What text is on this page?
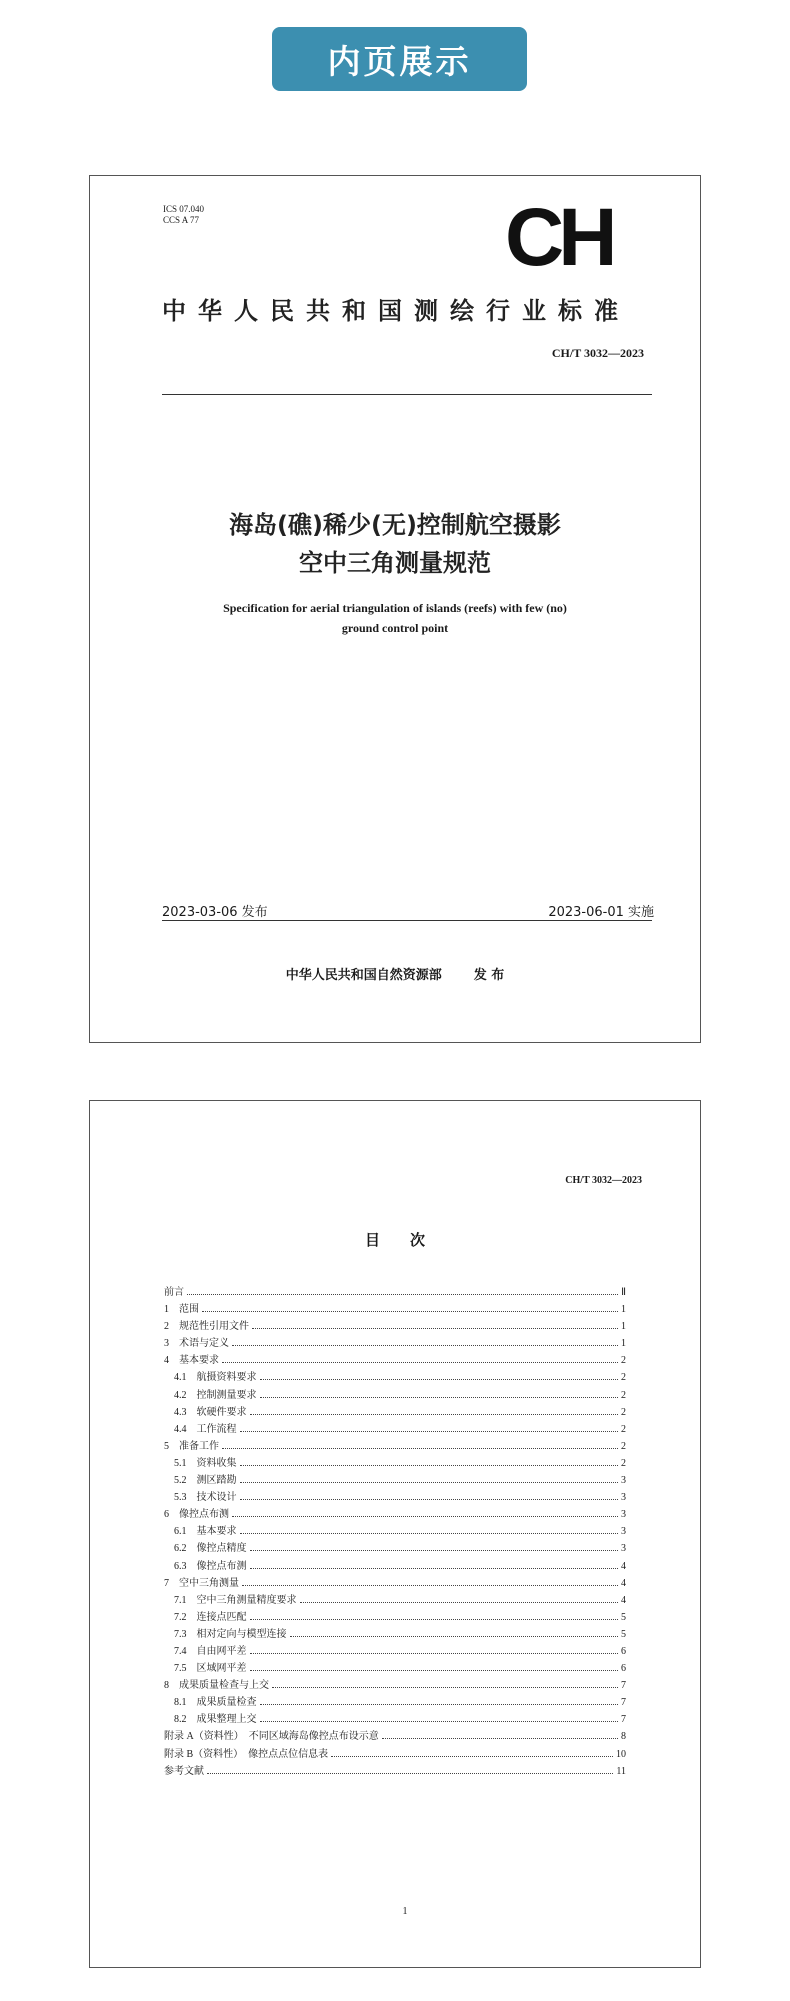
内页展示
ICS 07.040
CCS A 77	CH
中华人民共和国测绘行业标准
CH/T 3032—2023
海岛(礁)稀少(无)控制航空摄影
空中三角测量规范
Specification for aerial triangulation of islands (reefs) with few (no)
ground control point
2023-03-06 发布	2023-06-01 实施
中华人民共和国自然资源部 发 布
CH/T 3032—2023
目次
前言	Ⅱ
1　范围	1
2　规范性引用文件	1
3　术语与定义	1
4　基本要求	2
4.1　航摄资料要求	2
4.2　控制测量要求	2
4.3　软硬件要求	2
4.4　工作流程	2
5　准备工作	2
5.1　资料收集	2
5.2　测区踏勘	3
5.3　技术设计	3
6　像控点布测	3
6.1　基本要求	3
6.2　像控点精度	3
6.3　像控点布测	4
7　空中三角测量	4
7.1　空中三角测量精度要求	4
7.2　连接点匹配	5
7.3　相对定向与模型连接	5
7.4　自由网平差	6
7.5　区域网平差	6
8　成果质量检查与上交	7
8.1　成果质量检查	7
8.2　成果整理上交	7
附录 A（资料性）　不同区域海岛像控点布设示意	8
附录 B（资料性）　像控点点位信息表	10
参考文献	11
1
